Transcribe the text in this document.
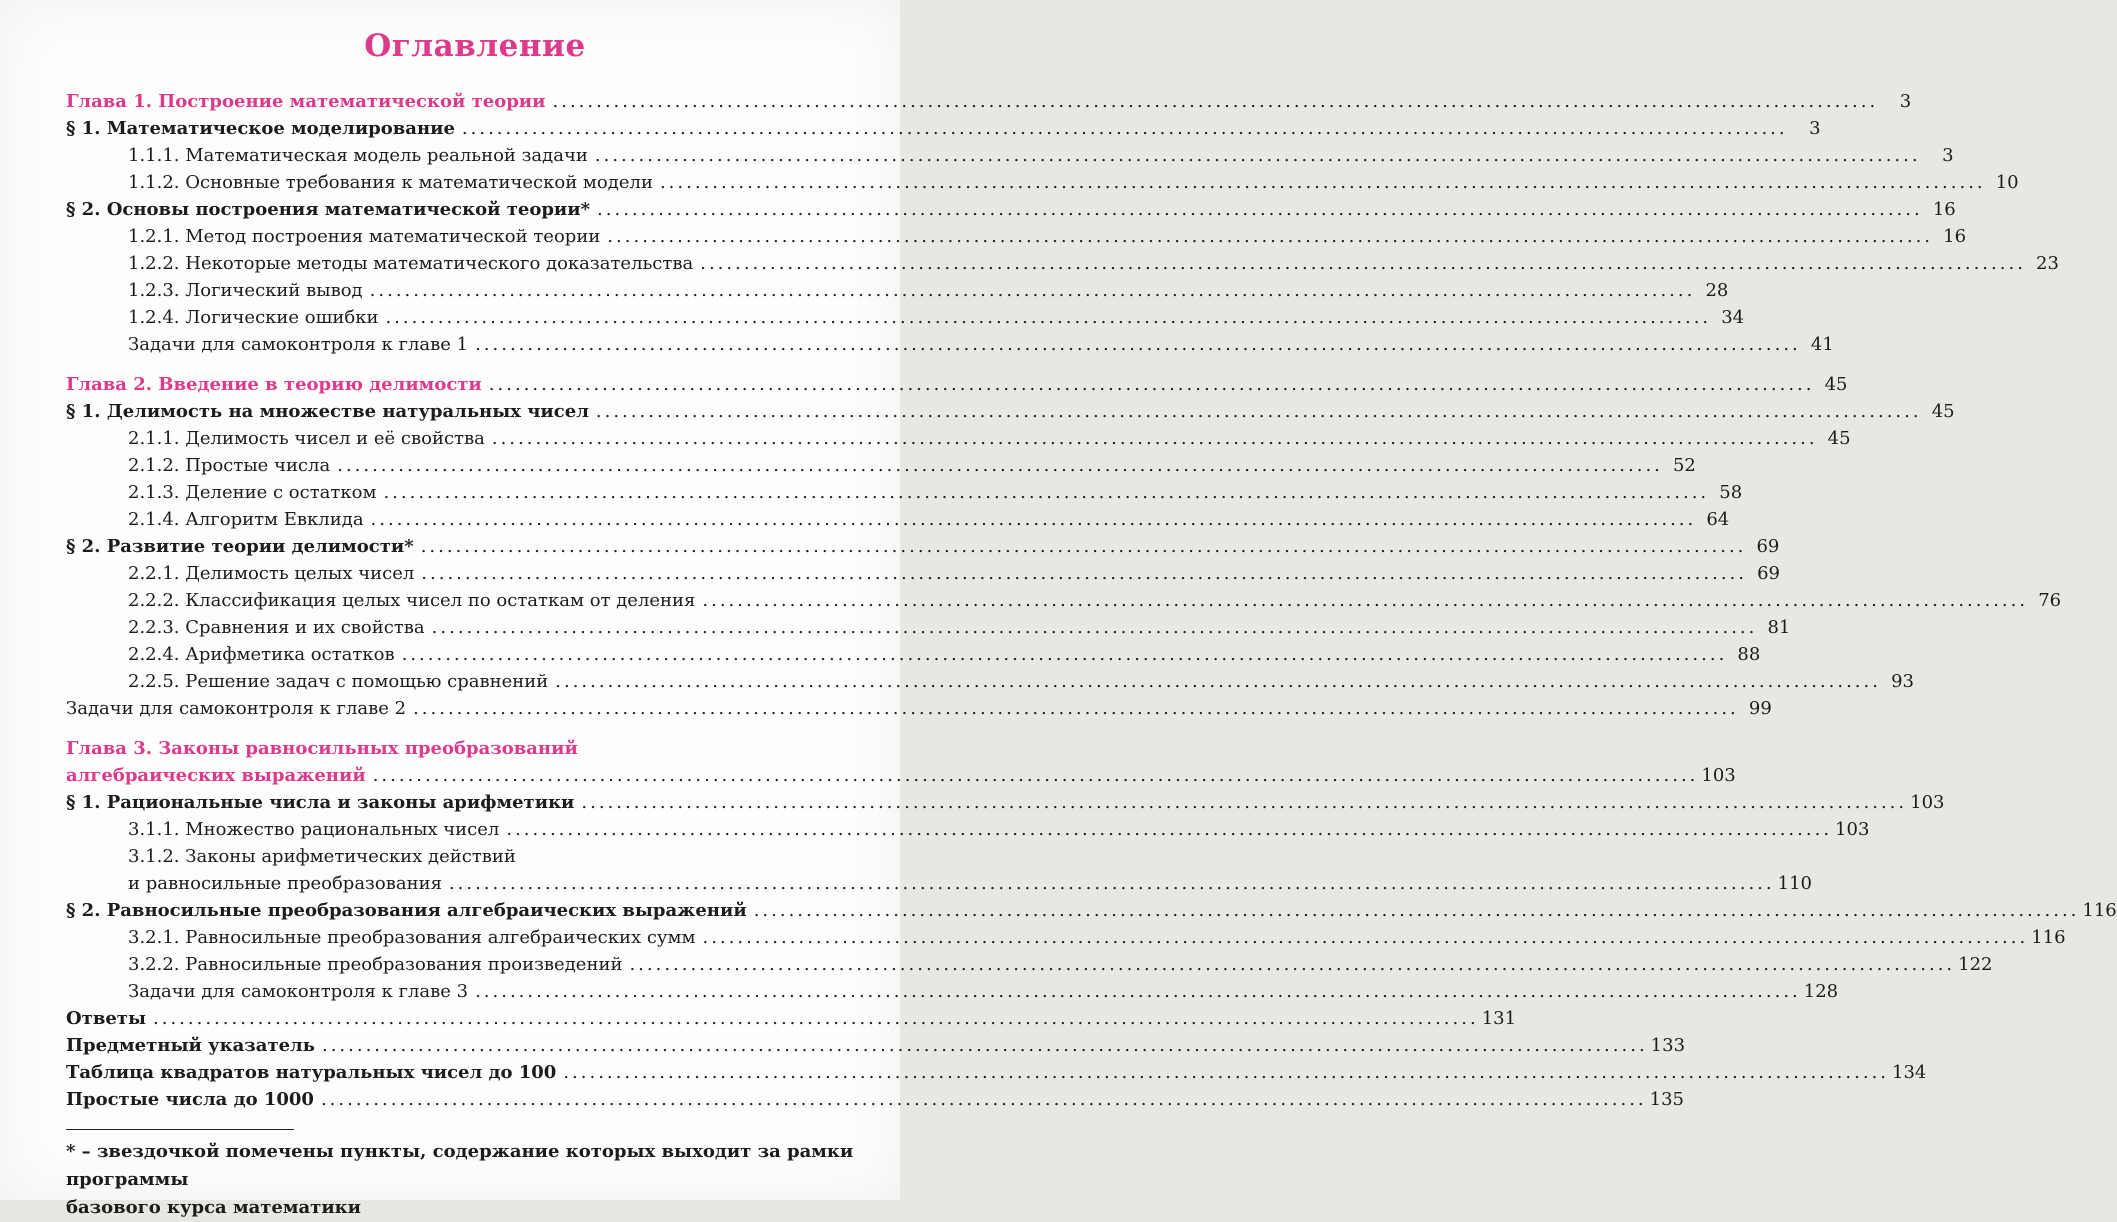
Оглавление
Глава 1. Построение математической теории .....	3
§ 1. Математическое моделирование .....	3
1.1.1. Математическая модель реальной задачи .....	3
1.1.2. Основные требования к математической модели .....	10
§ 2. Основы построения математической теории* .....	16
1.2.1. Метод построения математической теории .....	16
1.2.2. Некоторые методы математического доказательства .....	23
1.2.3. Логический вывод .....	28
1.2.4. Логические ошибки .....	34
Задачи для самоконтроля к главе 1 .....	41
Глава 2. Введение в теорию делимости .....	45
§ 1. Делимость на множестве натуральных чисел .....	45
2.1.1. Делимость чисел и её свойства .....	45
2.1.2. Простые числа .....	52
2.1.3. Деление с остатком .....	58
2.1.4. Алгоритм Евклида .....	64
§ 2. Развитие теории делимости* .....	69
2.2.1. Делимость целых чисел .....	69
2.2.2. Классификация целых чисел по остаткам от деления .....	76
2.2.3. Сравнения и их свойства .....	81
2.2.4. Арифметика остатков .....	88
2.2.5. Решение задач с помощью сравнений .....	93
Задачи для самоконтроля к главе 2 .....	99
Глава 3. Законы равносильных преобразований
алгебраических выражений .....	103
§ 1. Рациональные числа и законы арифметики .....	103
3.1.1. Множество рациональных чисел .....	103
3.1.2. Законы арифметических действий
и равносильные преобразования .....	110
§ 2. Равносильные преобразования алгебраических выражений .....	116
3.2.1. Равносильные преобразования алгебраических сумм .....	116
3.2.2. Равносильные преобразования произведений .....	122
Задачи для самоконтроля к главе 3 .....	128
Ответы .....	131
Предметный указатель .....	133
Таблица квадратов натуральных чисел до 100 .....	134
Простые числа до 1000 .....	135
* – звездочкой помечены пункты, содержание которых выходит за рамки программы
базового курса математики
